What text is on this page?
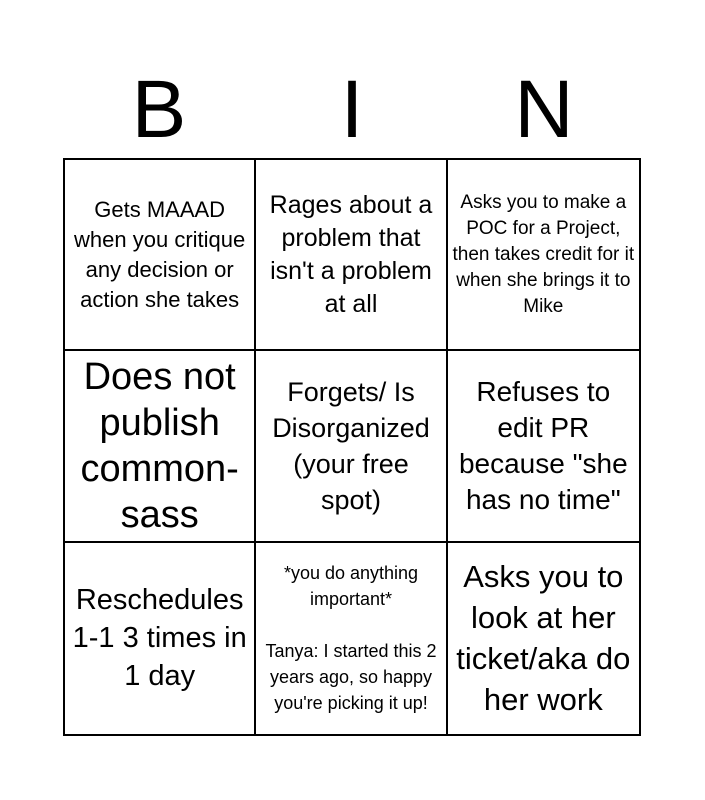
B	I	N
Gets MAAAD when you critique any decision or action she takes
Rages about a problem that isn't a problem at all
Asks you to make a POC for a Project, then takes credit for it when she brings it to Mike
Does not publish common-sass
Forgets/ Is Disorganized (your free spot)
Refuses to edit PR because "she has no time"
Reschedules 1-1 3 times in 1 day
*you do anything important*

Tanya: I started this 2 years ago, so happy you're picking it up!
Asks you to look at her ticket/aka do her work
